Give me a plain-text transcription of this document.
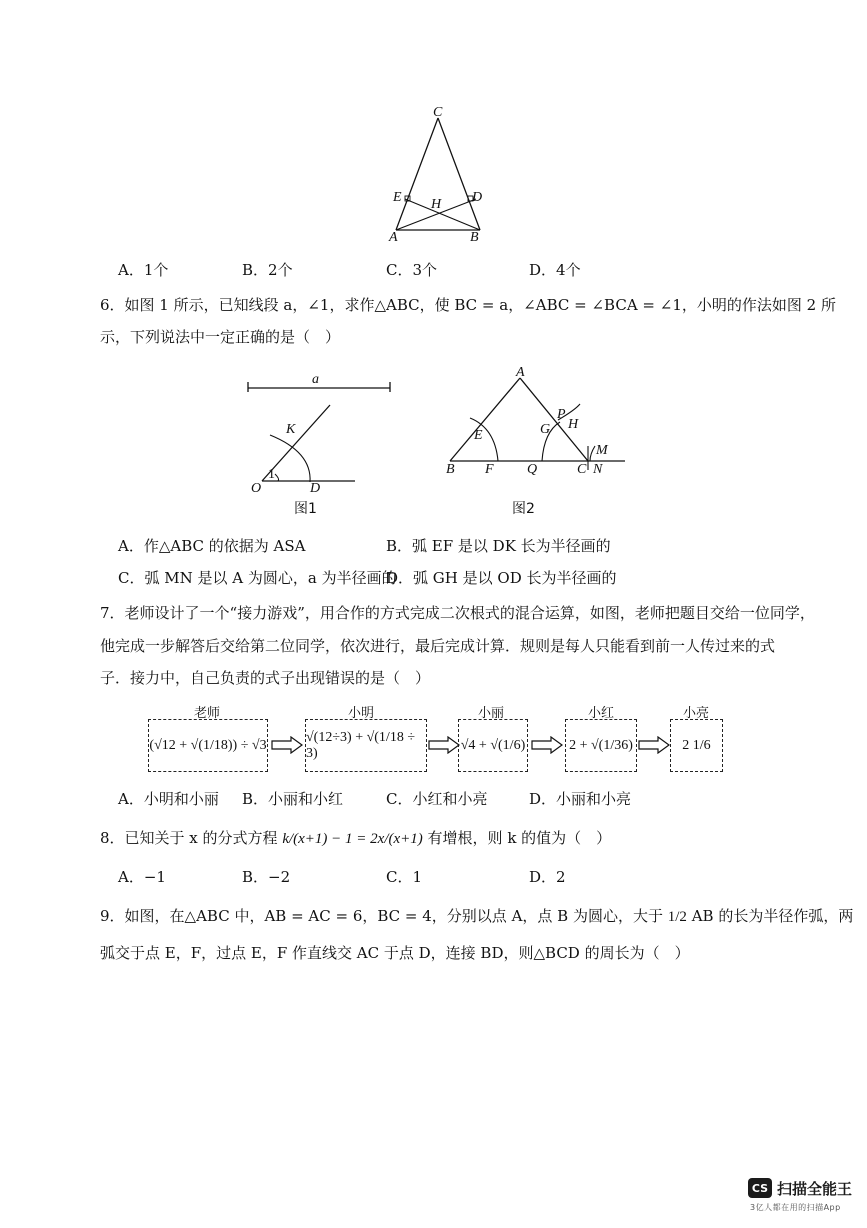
C
E	D
H
A	B
A．1个	B．2个	C．3个	D．4个
6．如图 1 所示，已知线段 a，∠1，求作△ABC，使 BC = a，∠ABC = ∠BCA = ∠1，小明的作法如图 2 所
示，下列说法中一定正确的是（　）
a
K
1
O	D
图1
A
E
P
G H
M
B F Q	C N
图2
A．作△ABC 的依据为 ASA	B．弧 EF 是以 DK 长为半径画的
C．弧 MN 是以 A 为圆心，a 为半径画的
D．弧 GH 是以 OD 长为半径画的
7．老师设计了一个“接力游戏”，用合作的方式完成二次根式的混合运算，如图，老师把题目交给一位同学，
他完成一步解答后交给第二位同学，依次进行，最后完成计算．规则是每人只能看到前一人传过来的式
子．接力中，自己负责的式子出现错误的是（　）
老师	小明	小丽	小红	小亮
(√12 + √(1/18)) ÷ √3
√(12÷3) + √(1/18 ÷ 3)
√4 + √(1/6)	2 + √(1/36)	2 1/6
A．小明和小丽 B．小丽和小红	C．小红和小亮	D．小丽和小亮
8．已知关于 x 的分式方程 k/(x+1) − 1 = 2x/(x+1) 有增根，则 k 的值为（　）
A．−1	B．−2	C．1	D．2
9．如图，在△ABC 中，AB = AC = 6，BC = 4，分别以点 A，点 B 为圆心，大于 1/2 AB 的长为半径作弧，两
弧交于点 E，F，过点 E，F 作直线交 AC 于点 D，连接 BD，则△BCD 的周长为（　）
CS 扫描全能王
3亿人都在用的扫描App
